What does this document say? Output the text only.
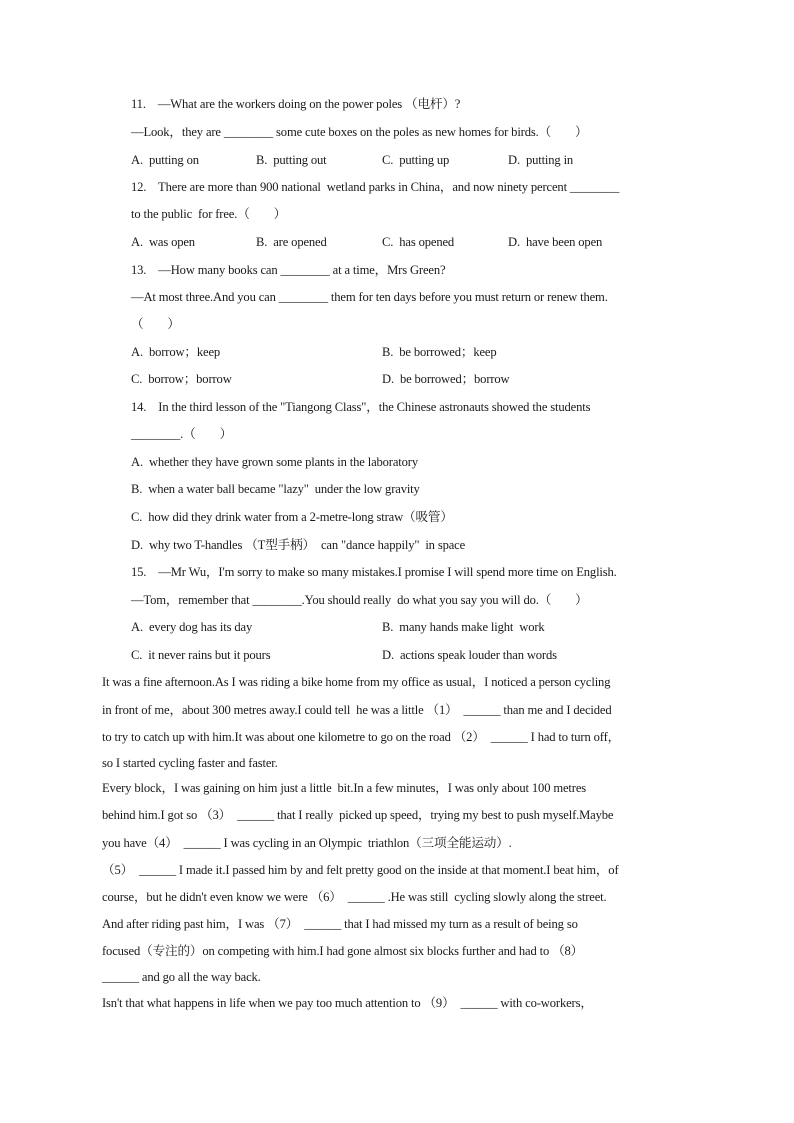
11.    —What are the workers doing on the power poles （电杆）?
—Look，they are ________ some cute boxes on the poles as new homes for birds.（        ）
A.  putting on	B.  putting out	C.  putting up	D.  putting in
12.    There are more than 900 national  wetland parks in China，and now ninety percent ________
to the public  for free.（        ）
A.  was open	B.  are opened	C.  has opened	D.  have been open
13.    —How many books can ________ at a time，Mrs Green?
—At most three.And you can ________ them for ten days before you must return or renew them.
（        ）
A.  borrow；keep	B.  be borrowed；keep
C.  borrow；borrow	D.  be borrowed；borrow
14.    In the third lesson of the "Tiangong Class"，the Chinese astronauts showed the students
________.（        ）
A.  whether they have grown some plants in the laboratory
B.  when a water ball became "lazy"  under the low gravity
C.  how did they drink water from a 2-metre-long straw（吸管）
D.  why two T-handles （T型手柄）  can "dance happily"  in space
15.    —Mr Wu，I'm sorry to make so many mistakes.I promise I will spend more time on English.
—Tom，remember that ________.You should really  do what you say you will do.（        ）
A.  every dog has its day	B.  many hands make light  work
C.  it never rains but it pours	D.  actions speak louder than words
It was a fine afternoon.As I was riding a bike home from my office as usual，I noticed a person cycling
in front of me，about 300 metres away.I could tell  he was a little （1）  ______ than me and I decided
to try to catch up with him.It was about one kilometre to go on the road （2）  ______ I had to turn off，
so I started cycling faster and faster.
Every block，I was gaining on him just a little  bit.In a few minutes，I was only about 100 metres
behind him.I got so （3）  ______ that I really  picked up speed，trying my best to push myself.Maybe
you have（4）  ______ I was cycling in an Olympic  triathlon（三项全能运动）.
（5）  ______ I made it.I passed him by and felt pretty good on the inside at that moment.I beat him，of
course，but he didn't even know we were （6）  ______ .He was still  cycling slowly along the street.
And after riding past him，I was （7）  ______ that I had missed my turn as a result of being so
focused（专注的）on competing with him.I had gone almost six blocks further and had to （8）
______ and go all the way back.
Isn't that what happens in life when we pay too much attention to （9）  ______ with co-workers，
